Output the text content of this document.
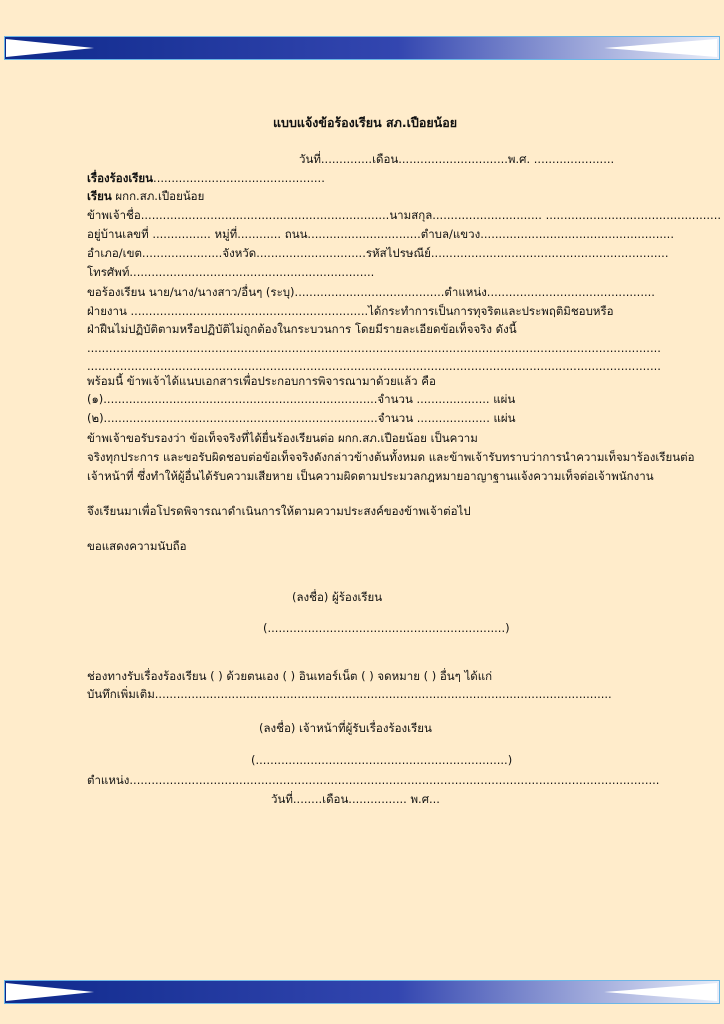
แบบแจ้งข้อร้องเรียน สภ.เปือยน้อย
วันที่..............เดือน..............................พ.ศ. ......................
เรื่องร้องเรียน...............................................
เรียน ผกก.สภ.เปือยน้อย
ข้าพเจ้าชื่อ....................................................................นามสกุล.............................. ................................................
อยู่บ้านเลขที่ ................ หมู่ที่............ ถนน...............................ตำบล/แขวง.....................................................
อำเภอ/เขต......................จังหวัด..............................รหัสไปรษณีย์.................................................................
โทรศัพท์...................................................................
ขอร้องเรียน นาย/นาง/นางสาว/อื่นๆ (ระบุ).........................................ตำแหน่ง..............................................
ฝ่ายงาน .................................................................ได้กระทำการเป็นการทุจริตและประพฤติมิชอบหรือ
ฝ่าฝืนไม่ปฏิบัติตามหรือปฏิบัติไม่ถูกต้องในกระบวนการ โดยมีรายละเอียดข้อเท็จจริง ดังนี้
.............................................................................................................................................................
.............................................................................................................................................................
พร้อมนี้ ข้าพเจ้าได้แนบเอกสารเพื่อประกอบการพิจารณามาด้วยแล้ว คือ
(๑)...........................................................................จำนวน .................... แผ่น
(๒)...........................................................................จำนวน .................... แผ่น
ข้าพเจ้าขอรับรองว่า ข้อเท็จจริงที่ได้ยื่นร้องเรียนต่อ ผกก.สภ.เปือยน้อย เป็นความ
จริงทุกประการ และขอรับผิดชอบต่อข้อเท็จจริงดังกล่าวข้างต้นทั้งหมด และข้าพเจ้ารับทราบว่าการนำความเท็จมาร้องเรียนต่อ
เจ้าหน้าที่ ซึ่งทำให้ผู้อื่นได้รับความเสียหาย เป็นความผิดตามประมวลกฎหมายอาญาฐานแจ้งความเท็จต่อเจ้าพนักงาน
จึงเรียนมาเพื่อโปรดพิจารณาดำเนินการให้ตามความประสงค์ของข้าพเจ้าต่อไป
ขอแสดงความนับถือ
(ลงชื่อ) ผู้ร้องเรียน
(.................................................................)
ช่องทางรับเรื่องร้องเรียน ( ) ด้วยตนเอง ( ) อินเทอร์เน็ต ( ) จดหมาย ( ) อื่นๆ ได้แก่
บันทึกเพิ่มเติม.............................................................................................................................
(ลงชื่อ) เจ้าหน้าที่ผู้รับเรื่องร้องเรียน
(.....................................................................)
ตำแหน่ง.................................................................................................................................................
วันที่........เดือน................ พ.ศ...
